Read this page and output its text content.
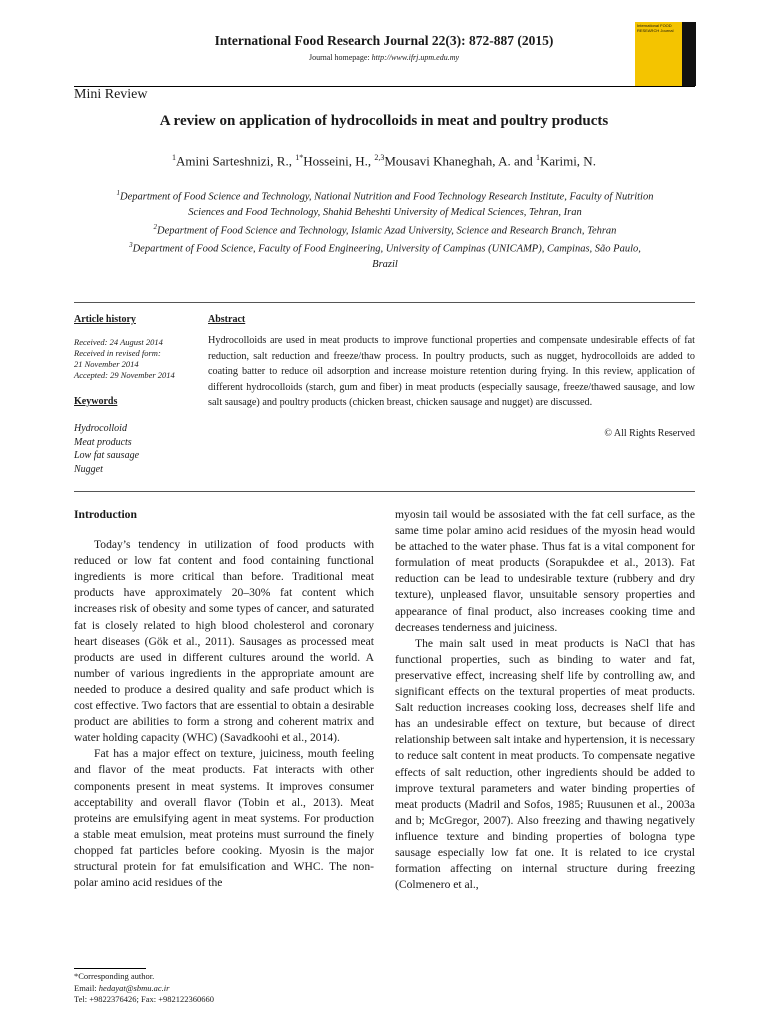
International Food Research Journal 22(3): 872-887 (2015)
Journal homepage: http://www.ifrj.upm.edu.my
International FOOD RESEARCH Journal
Mini Review
A review on application of hydrocolloids in meat and poultry products
$^1$Amini Sarteshnizi, R., $^{1*}$Hosseini, H., $^{2,3}$Mousavi Khaneghah, A. and $^1$Karimi, N.

$^1$Department of Food Science and Technology, National Nutrition and Food Technology Research Institute, Faculty of Nutrition Sciences and Food Technology, Shahid Beheshti University of Medical Sciences, Tehran, Iran

$^2$Department of Food Science and Technology, Islamic Azad University, Science and Research Branch, Tehran

$^3$Department of Food Science, Faculty of Food Engineering, University of Campinas (UNICAMP), Campinas, São Paulo, Brazil

Article history

Received: 24 August 2014

Received in revised form:

21 November 2014

Accepted: 29 November 2014

Keywords

Hydrocolloid

Meat products

Low fat sausage

Nugget

Abstract
Hydrocolloids are used in meat products to improve functional properties and compensate undesirable effects of fat reduction, salt reduction and freeze/thaw process. In poultry products, such as nugget, hydrocolloids are added to coating batter to reduce oil adsorption and increase moisture retention during frying. In this review, application of different hydrocolloids (starch, gum and fiber) in meat products (especially sausage, freeze/thawed sausage, and low salt sausage) and poultry products (chicken breast, chicken sausage and nugget) are discussed.
© All Rights Reserved

Introduction

Today’s tendency in utilization of food products with reduced or low fat content and food containing functional ingredients is more critical than before. Traditional meat products have approximately 20–30% fat content which increases risk of obesity and some types of cancer, and saturated fat is closely related to high blood cholesterol and coronary heart diseases (Gök et al., 2011). Sausages as processed meat products are used in different cultures around the world. A number of various ingredients in the appropriate amount are needed to produce a desired quality and safe product which is cost effective. Two factors that are essential to obtain a desirable product are abilities to form a strong and coherent matrix and water holding capacity (WHC) (Savadkoohi et al., 2014).

Fat has a major effect on texture, juiciness, mouth feeling and flavor of the meat products. Fat interacts with other components present in meat systems. It improves consumer acceptability and overall flavor (Tobin et al., 2013). Meat proteins are emulsifying agent in meat systems. For production a stable meat emulsion, meat proteins must surround the finely chopped fat particles before cooking. Myosin is the major structural protein for fat emulsification and WHC. The non-polar amino acid residues of the

myosin tail would be assosiated with the fat cell surface, as the same time polar amino acid residues of the myosin head would be attached to the water phase. Thus fat is a vital component for formulation of meat products (Sorapukdee et al., 2013). Fat reduction can be lead to undesirable texture (rubbery and dry texture), unpleased flavor, unsuitable sensory properties and appearance of final product, also increases cooking time and decreases tenderness and juiciness.

The main salt used in meat products is NaCl that has functional properties, such as binding to water and fat, preservative effect, increasing shelf life by controlling aw, and significant effects on the textural properties of meat products. Salt reduction increases cooking loss, decreases shelf life and has an undesirable effect on texture, but because of direct relationship between salt intake and hypertension, it is necessary to reduce salt content in meat products. To compensate negative effects of salt reduction, other ingredients should be added to improve textural parameters and water binding properties of meat products (Madril and Sofos, 1985; Ruusunen et al., 2003a and b; McGregor, 2007). Also freezing and thawing negatively influence texture and binding properties of bologna type sausage especially low fat one. It is related to ice crystal formation affecting on internal structure during freezing (Colmenero et al.,

*Corresponding author.

Email: hedayat@sbmu.ac.ir

Tel: +9822376426; Fax: +982122360660
